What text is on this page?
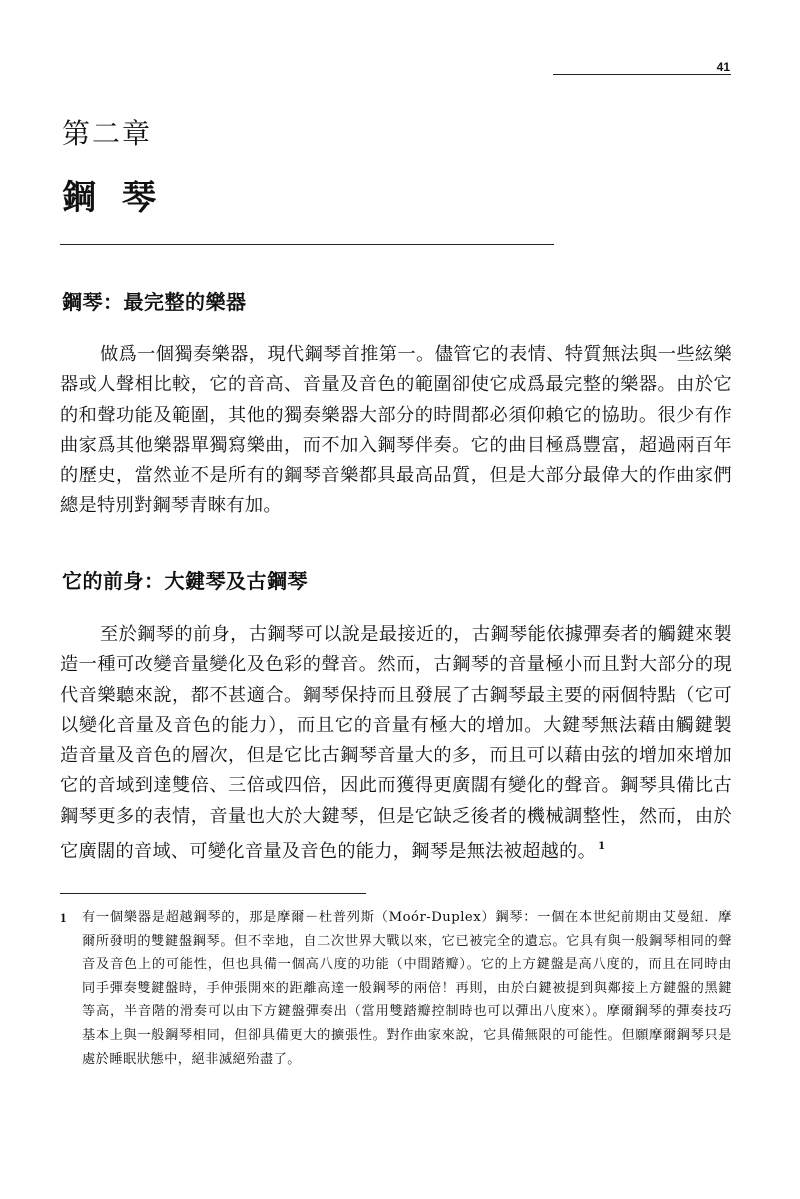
41
第二章
鋼琴
鋼琴：最完整的樂器

做爲一個獨奏樂器，現代鋼琴首推第一。儘管它的表情、特質無法與一些絃樂器或人聲相比較，它的音高、音量及音色的範圍卻使它成爲最完整的樂器。由於它的和聲功能及範圍，其他的獨奏樂器大部分的時間都必須仰賴它的協助。很少有作曲家爲其他樂器單獨寫樂曲，而不加入鋼琴伴奏。它的曲目極爲豐富，超過兩百年的歷史，當然並不是所有的鋼琴音樂都具最高品質，但是大部分最偉大的作曲家們總是特別對鋼琴青睞有加。

它的前身：大鍵琴及古鋼琴

至於鋼琴的前身，古鋼琴可以說是最接近的，古鋼琴能依據彈奏者的觸鍵來製造一種可改變音量變化及色彩的聲音。然而，古鋼琴的音量極小而且對大部分的現代音樂聽來說，都不甚適合。鋼琴保持而且發展了古鋼琴最主要的兩個特點（它可以變化音量及音色的能力），而且它的音量有極大的增加。大鍵琴無法藉由觸鍵製造音量及音色的層次，但是它比古鋼琴音量大的多，而且可以藉由弦的增加來增加它的音域到達雙倍、三倍或四倍，因此而獲得更廣闊有變化的聲音。鋼琴具備比古鋼琴更多的表情，音量也大於大鍵琴，但是它缺乏後者的機械調整性，然而，由於它廣闊的音域、可變化音量及音色的能力，鋼琴是無法被超越的。 $^1$

1	有一個樂器是超越鋼琴的，那是摩爾－杜普列斯（Moór-Duplex）鋼琴：一個在本世紀前期由艾曼紐．摩爾所發明的雙鍵盤鋼琴。但不幸地，自二次世界大戰以來，它已被完全的遺忘。它具有與一般鋼琴相同的聲音及音色上的可能性，但也具備一個高八度的功能（中間踏瓣）。它的上方鍵盤是高八度的，而且在同時由同手彈奏雙鍵盤時，手伸張開來的距離高達一般鋼琴的兩倍！再則，由於白鍵被提到與鄰接上方鍵盤的黑鍵等高，半音階的滑奏可以由下方鍵盤彈奏出（當用雙踏瓣控制時也可以彈出八度來）。摩爾鋼琴的彈奏技巧基本上與一般鋼琴相同，但卻具備更大的擴張性。對作曲家來說，它具備無限的可能性。但願摩爾鋼琴只是處於睡眠狀態中，絕非滅絕殆盡了。
